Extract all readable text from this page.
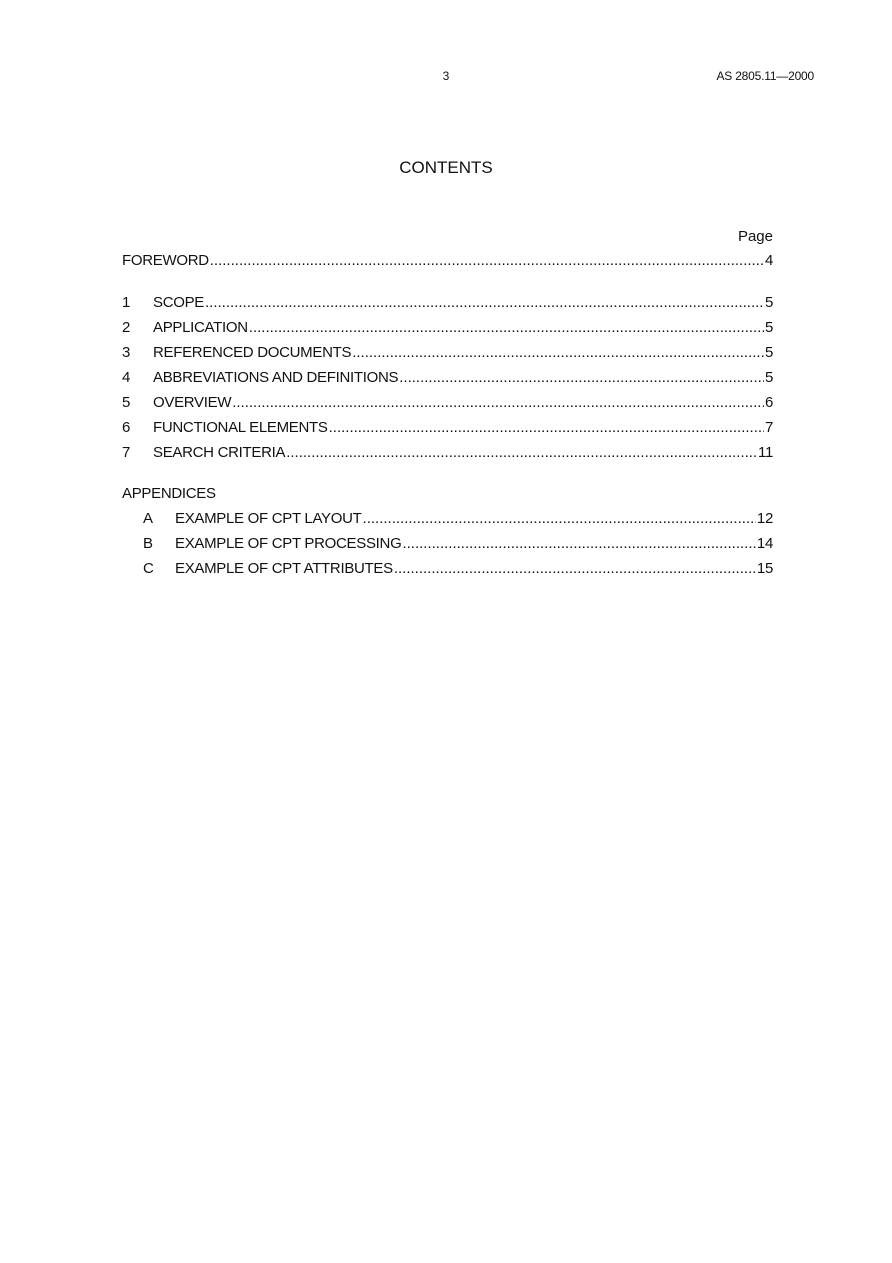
3	AS 2805.11—2000
CONTENTS
Page
FOREWORD .....	4
1	SCOPE .....	5
2	APPLICATION .....	5
3	REFERENCED DOCUMENTS .....	5
4	ABBREVIATIONS AND DEFINITIONS .....	5
5	OVERVIEW .....	6
6	FUNCTIONAL ELEMENTS .....	7
7	SEARCH CRITERIA .....	11
APPENDICES
A	EXAMPLE OF CPT LAYOUT .....	12
B	EXAMPLE OF CPT PROCESSING .....	14
C	EXAMPLE OF CPT ATTRIBUTES .....	15
